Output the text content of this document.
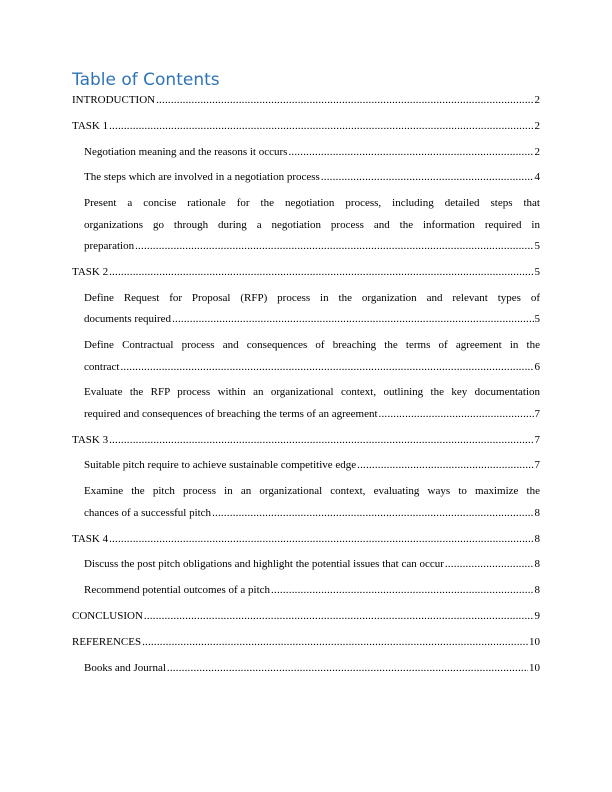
Table of Contents
INTRODUCTION .....	2
TASK 1 .....	2
Negotiation meaning and the reasons it occurs .....	2
The steps which are involved in a negotiation process .....	4
Present a concise rationale for the negotiation process, including detailed steps that
organizations go through during a negotiation process and the information required in
preparation .....	5
TASK 2 .....	5
Define Request for Proposal (RFP) process in the organization and relevant types of
documents required .....	5
Define Contractual process and consequences of breaching the terms of agreement in the
contract .....	6
Evaluate the RFP process within an organizational context, outlining the key documentation
required and consequences of breaching the terms of an agreement .....	7
TASK 3 .....	7
Suitable pitch require to achieve sustainable competitive edge .....	7
Examine the pitch process in an organizational context, evaluating ways to maximize the
chances of a successful pitch .....	8
TASK 4 .....	8
Discuss the post pitch obligations and highlight the potential issues that can occur .....	8
Recommend potential outcomes of a pitch .....	8
CONCLUSION .....	9
REFERENCES .....	10
Books and Journal .....	10
